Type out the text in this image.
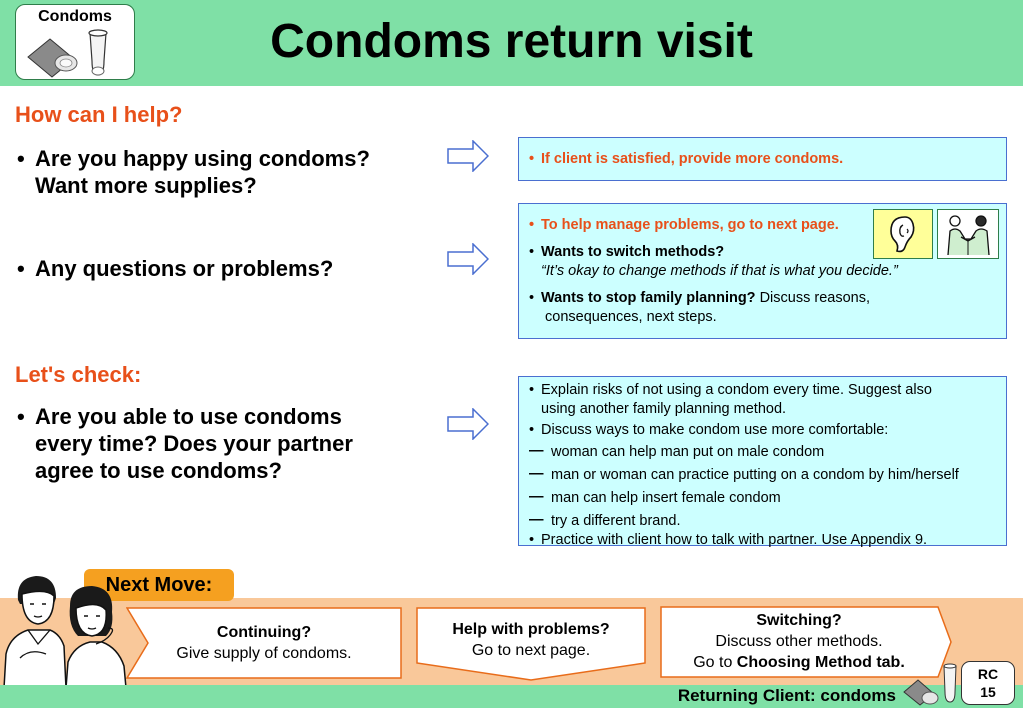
Condoms	Condoms return visit
How can I help?
• Are you happy using condoms?
Want more supplies?
• Any questions or problems?
Let's check:
• Are you able to use condoms
every time? Does your partner
agree to use condoms?
• If client is satisfied, provide more condoms.
• To help manage problems, go to next page.
• Wants to switch methods?
“It’s okay to change methods if that is what you decide.”
• Wants to stop family planning? Discuss reasons,
consequences, next steps.
• Explain risks of not using a condom every time. Suggest also
using another family planning method.
• Discuss ways to make condom use more comfortable:
— woman can help man put on male condom
— man or woman can practice putting on a condom by him/herself
— man can help insert female condom
— try a different brand.
• Practice with client how to talk with partner. Use Appendix 9.
Next Move:
Continuing?
Give supply of condoms.
Help with problems?
Go to next page.
Switching?
Discuss other methods.
Go to Choosing Method tab.
Returning Client: condoms
RC
15
